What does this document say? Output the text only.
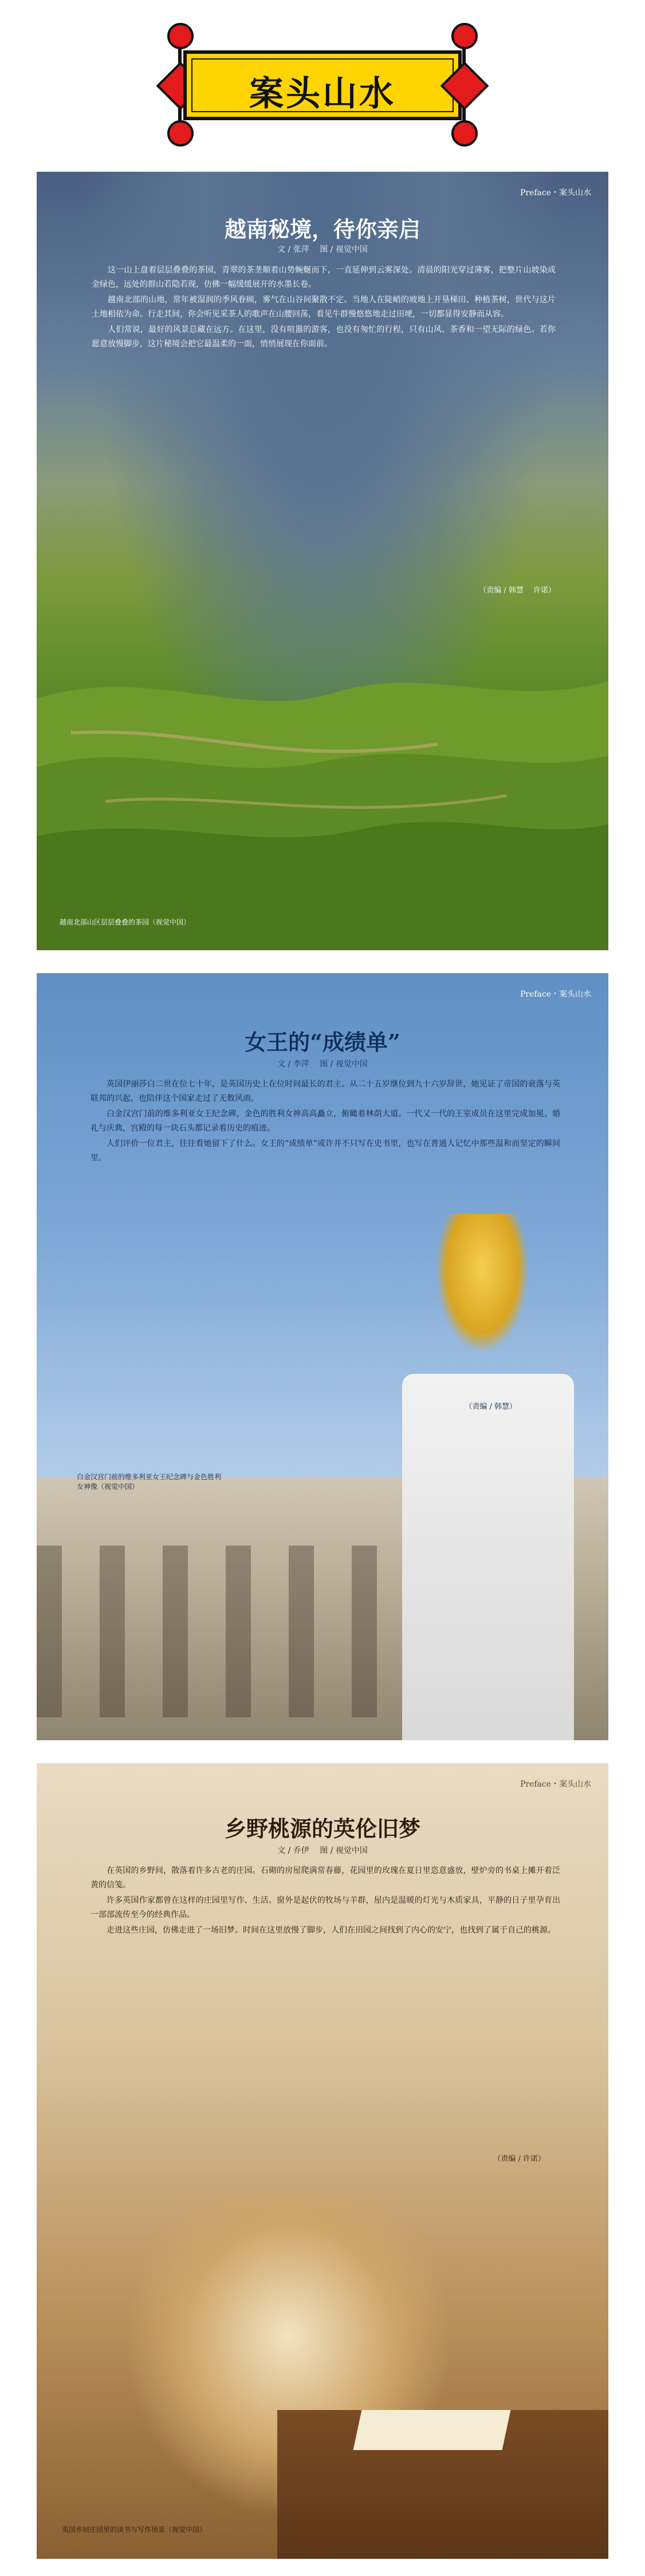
案头山水
Preface・案头山水
越南秘境，待你亲启
文 / 张萍 　图 / 视觉中国

这一山上盘着层层叠叠的茶园，青翠的茶垄顺着山势蜿蜒而下，一直延伸到云雾深处。清晨的阳光穿过薄雾，把整片山坡染成金绿色，远处的群山若隐若现，仿佛一幅缓缓展开的水墨长卷。

越南北部的山地，常年被湿润的季风眷顾，雾气在山谷间聚散不定。当地人在陡峭的坡地上开垦梯田、种植茶树，世代与这片土地相依为命。行走其间，你会听见采茶人的歌声在山腰回荡，看见牛群慢悠悠地走过田埂，一切都显得安静而从容。

人们常说，最好的风景总藏在远方。在这里，没有喧嚣的游客，也没有匆忙的行程，只有山风、茶香和一望无际的绿色。若你愿意放慢脚步，这片秘境会把它最温柔的一面，悄悄展现在你面前。

（责编 / 韩慧 　许诺）
越南北部山区层层叠叠的茶园（视觉中国）
Preface・案头山水
女王的“成绩单”
文 / 李萍 　图 / 视觉中国

英国伊丽莎白二世在位七十年，是英国历史上在位时间最长的君主。从二十五岁继位到九十六岁辞世，她见证了帝国的衰落与英联邦的兴起，也陪伴这个国家走过了无数风雨。

白金汉宫门前的维多利亚女王纪念碑，金色的胜利女神高高矗立，俯瞰着林荫大道。一代又一代的王室成员在这里完成加冕、婚礼与庆典，宫殿的每一块石头都记录着历史的痕迹。

人们评价一位君主，往往看她留下了什么。女王的“成绩单”或许并不只写在史书里，也写在普通人记忆中那些温和而坚定的瞬间里。

（责编 / 韩慧）
白金汉宫门前的维多利亚女王纪念碑与金色胜利女神像（视觉中国）
Preface・案头山水
乡野桃源的英伦旧梦
文 / 乔伊 　图 / 视觉中国

在英国的乡野间，散落着许多古老的庄园。石砌的房屋爬满常春藤，花园里的玫瑰在夏日里恣意盛放，壁炉旁的书桌上摊开着泛黄的信笺。

许多英国作家都曾在这样的庄园里写作、生活。窗外是起伏的牧场与羊群，屋内是温暖的灯光与木质家具，平静的日子里孕育出一部部流传至今的经典作品。

走进这些庄园，仿佛走进了一场旧梦。时间在这里放慢了脚步，人们在田园之间找到了内心的安宁，也找到了属于自己的桃源。

（责编 / 许诺）
英国乡间庄园里的读书与写作场景（视觉中国）
